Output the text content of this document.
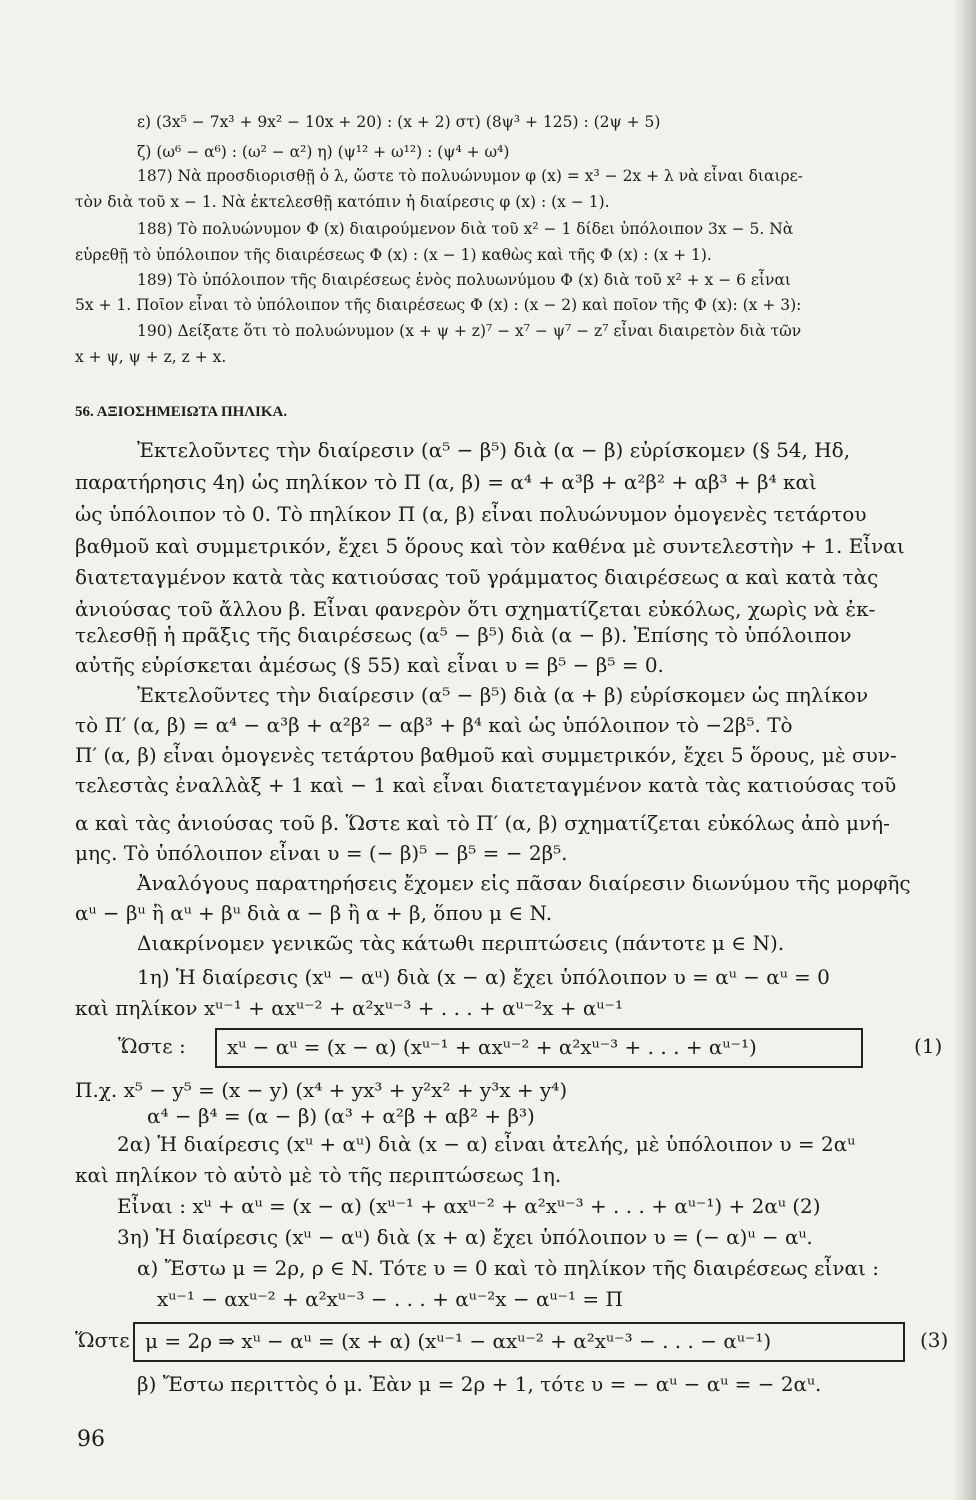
ε) (3x⁵ − 7x³ + 9x² − 10x + 20) : (x + 2) στ) (8ψ³ + 125) : (2ψ + 5)
ζ) (ω⁶ − α⁶) : (ω² − α²) η) (ψ¹² + ω¹²) : (ψ⁴ + ω⁴)
187) Νὰ προσδιορισθῇ ὁ λ, ὥστε τὸ πολυώνυμον φ (x) = x³ − 2x + λ νὰ εἶναι διαιρε-
τὸν διὰ τοῦ x − 1. Νὰ ἐκτελεσθῇ κατόπιν ἡ διαίρεσις φ (x) : (x − 1).
188) Τὸ πολυώνυμον Φ (x) διαιρούμενον διὰ τοῦ x² − 1 δίδει ὑπόλοιπον 3x − 5. Νὰ
εὑρεθῇ τὸ ὑπόλοιπον τῆς διαιρέσεως Φ (x) : (x − 1) καθὼς καὶ τῆς Φ (x) : (x + 1).
189) Τὸ ὑπόλοιπον τῆς διαιρέσεως ἑνὸς πολυωνύμου Φ (x) διὰ τοῦ x² + x − 6 εἶναι
5x + 1. Ποῖον εἶναι τὸ ὑπόλοιπον τῆς διαιρέσεως Φ (x) : (x − 2) καὶ ποῖον τῆς Φ (x): (x + 3):
190) Δείξατε ὅτι τὸ πολυώνυμον (x + ψ + z)⁷ − x⁷ − ψ⁷ − z⁷ εἶναι διαιρετὸν διὰ τῶν
x + ψ, ψ + z, z + x.
56. ΑΞΙΟΣΗΜΕΙΩΤΑ ΠΗΛΙΚΑ.
Ἐκτελοῦντες τὴν διαίρεσιν (α⁵ − β⁵) διὰ (α − β) εὑρίσκομεν (§ 54, Ηδ,
παρατήρησις 4η) ὡς πηλίκον τὸ Π (α, β) = α⁴ + α³β + α²β² + αβ³ + β⁴ καὶ
ὡς ὑπόλοιπον τὸ 0. Τὸ πηλίκον Π (α, β) εἶναι πολυώνυμον ὁμογενὲς τετάρτου
βαθμοῦ καὶ συμμετρικόν, ἔχει 5 ὅρους καὶ τὸν καθένα μὲ συντελεστὴν + 1. Εἶναι
διατεταγμένον κατὰ τὰς κατιούσας τοῦ γράμματος διαιρέσεως α καὶ κατὰ τὰς
ἀνιούσας τοῦ ἄλλου β. Εἶναι φανερὸν ὅτι σχηματίζεται εὐκόλως, χωρὶς νὰ ἐκ-
τελεσθῇ ἡ πρᾶξις τῆς διαιρέσεως (α⁵ − β⁵) διὰ (α − β). Ἐπίσης τὸ ὑπόλοιπον
αὐτῆς εὑρίσκεται ἀμέσως (§ 55) καὶ εἶναι υ = β⁵ − β⁵ = 0.
Ἐκτελοῦντες τὴν διαίρεσιν (α⁵ − β⁵) διὰ (α + β) εὑρίσκομεν ὡς πηλίκον
τὸ Π′ (α, β) = α⁴ − α³β + α²β² − αβ³ + β⁴ καὶ ὡς ὑπόλοιπον τὸ −2β⁵. Τὸ
Π′ (α, β) εἶναι ὁμογενὲς τετάρτου βαθμοῦ καὶ συμμετρικόν, ἔχει 5 ὅρους, μὲ συν-
τελεστὰς ἐναλλὰξ + 1 καὶ − 1 καὶ εἶναι διατεταγμένον κατὰ τὰς κατιούσας τοῦ
α καὶ τὰς ἀνιούσας τοῦ β. Ὥστε καὶ τὸ Π′ (α, β) σχηματίζεται εὐκόλως ἀπὸ μνή-
μης. Τὸ ὑπόλοιπον εἶναι υ = (− β)⁵ − β⁵ = − 2β⁵.
Ἀναλόγους παρατηρήσεις ἔχομεν εἰς πᾶσαν διαίρεσιν διωνύμου τῆς μορφῆς
αᵘ − βᵘ ἢ αᵘ + βᵘ διὰ α − β ἢ α + β, ὅπου μ ∈ N.
Διακρίνομεν γενικῶς τὰς κάτωθι περιπτώσεις (πάντοτε μ ∈ N).
1η) Ἡ διαίρεσις (xᵘ − αᵘ) διὰ (x − α) ἔχει ὑπόλοιπον υ = αᵘ − αᵘ = 0
καὶ πηλίκον xᵘ⁻¹ + αxᵘ⁻² + α²xᵘ⁻³ + . . . + αᵘ⁻²x + αᵘ⁻¹
Ὥστε : xᵘ − αᵘ = (x − α) (xᵘ⁻¹ + αxᵘ⁻² + α²xᵘ⁻³ + . . . + αᵘ⁻¹)	(1)
Π.χ. x⁵ − y⁵ = (x − y) (x⁴ + yx³ + y²x² + y³x + y⁴)
α⁴ − β⁴ = (α − β) (α³ + α²β + αβ² + β³)
2α) Ἡ διαίρεσις (xᵘ + αᵘ) διὰ (x − α) εἶναι ἀτελής, μὲ ὑπόλοιπον υ = 2αᵘ
καὶ πηλίκον τὸ αὐτὸ μὲ τὸ τῆς περιπτώσεως 1η.
Εἶναι : xᵘ + αᵘ = (x − α) (xᵘ⁻¹ + αxᵘ⁻² + α²xᵘ⁻³ + . . . + αᵘ⁻¹) + 2αᵘ (2)
3η) Ἡ διαίρεσις (xᵘ − αᵘ) διὰ (x + α) ἔχει ὑπόλοιπον υ = (− α)ᵘ − αᵘ.
α) Ἔστω μ = 2ρ, ρ ∈ N. Τότε υ = 0 καὶ τὸ πηλίκον τῆς διαιρέσεως εἶναι :
xᵘ⁻¹ − αxᵘ⁻² + α²xᵘ⁻³ − . . . + αᵘ⁻²x − αᵘ⁻¹ = Π
Ὥστε μ = 2ρ ⇒ xᵘ − αᵘ = (x + α) (xᵘ⁻¹ − αxᵘ⁻² + α²xᵘ⁻³ − . . . − αᵘ⁻¹)	(3)
β) Ἔστω περιττὸς ὁ μ. Ἐὰν μ = 2ρ + 1, τότε υ = − αᵘ − αᵘ = − 2αᵘ.
96
